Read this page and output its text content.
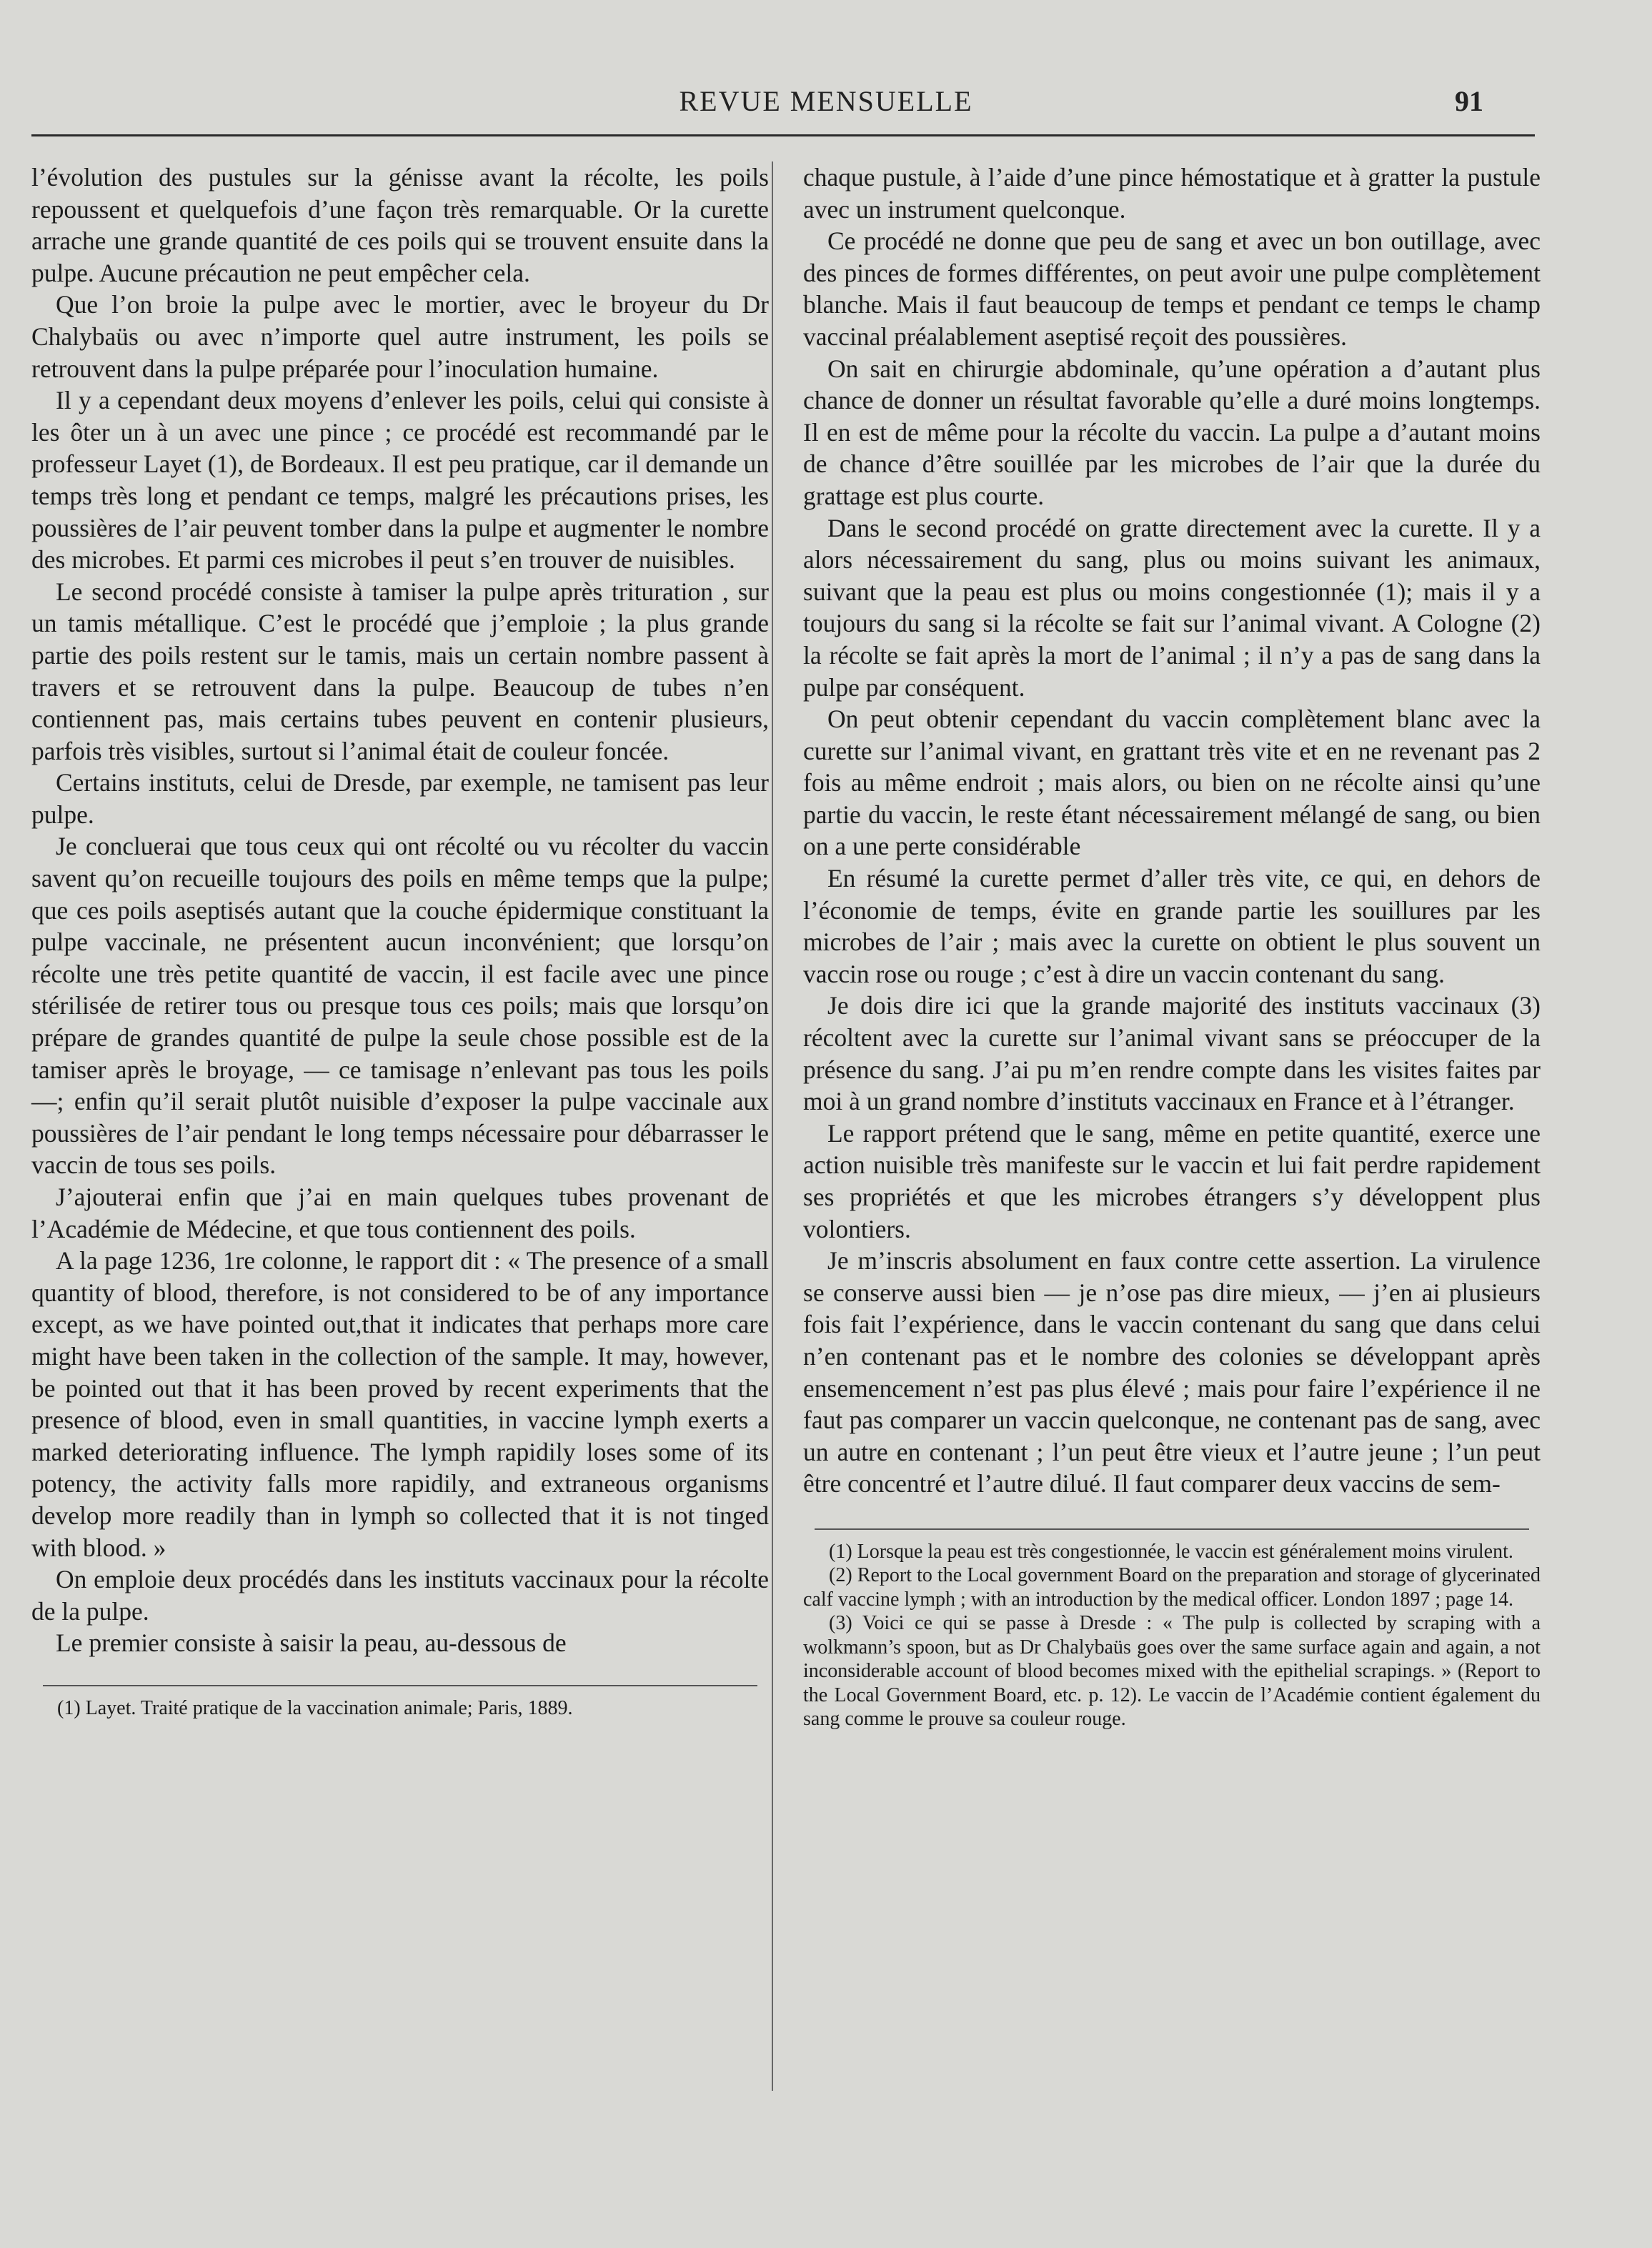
REVUE MENSUELLE	91

l’évolution des pustules sur la génisse avant la récolte, les poils repoussent et quelquefois d’une façon très remarquable. Or la curette arrache une grande quantité de ces poils qui se trouvent ensuite dans la pulpe. Aucune précaution ne peut empêcher cela.

Que l’on broie la pulpe avec le mortier, avec le broyeur du Dr Chalybaüs ou avec n’importe quel autre instrument, les poils se retrouvent dans la pulpe préparée pour l’inoculation humaine.

Il y a cependant deux moyens d’enlever les poils, celui qui consiste à les ôter un à un avec une pince ; ce procédé est recommandé par le professeur Layet (1), de Bordeaux. Il est peu pratique, car il demande un temps très long et pendant ce temps, malgré les précautions prises, les poussières de l’air peuvent tomber dans la pulpe et augmenter le nombre des microbes. Et parmi ces microbes il peut s’en trouver de nuisibles.

Le second procédé consiste à tamiser la pulpe après trituration , sur un tamis métallique. C’est le procédé que j’emploie ; la plus grande partie des poils restent sur le tamis, mais un certain nombre passent à travers et se retrouvent dans la pulpe. Beaucoup de tubes n’en contiennent pas, mais certains tubes peuvent en contenir plusieurs, parfois très visibles, surtout si l’animal était de couleur foncée.

Certains instituts, celui de Dresde, par exemple, ne tamisent pas leur pulpe.

Je concluerai que tous ceux qui ont récolté ou vu récolter du vaccin savent qu’on recueille toujours des poils en même temps que la pulpe; que ces poils aseptisés autant que la couche épidermique constituant la pulpe vaccinale, ne présentent aucun inconvénient; que lorsqu’on récolte une très petite quantité de vaccin, il est facile avec une pince stérilisée de retirer tous ou presque tous ces poils; mais que lorsqu’on prépare de grandes quantité de pulpe la seule chose possible est de la tamiser après le broyage, — ce tamisage n’enlevant pas tous les poils —; enfin qu’il serait plutôt nuisible d’exposer la pulpe vaccinale aux poussières de l’air pendant le long temps nécessaire pour débarrasser le vaccin de tous ses poils.

J’ajouterai enfin que j’ai en main quelques tubes provenant de l’Académie de Médecine, et que tous contiennent des poils.

A la page 1236, 1re colonne, le rapport dit : « The presence of a small quantity of blood, therefore, is not considered to be of any importance except, as we have pointed out,that it indicates that perhaps more care might have been taken in the collection of the sample. It may, however, be pointed out that it has been proved by recent experiments that the presence of blood, even in small quantities, in vaccine lymph exerts a marked deteriorating influence. The lymph rapidily loses some of its potency, the activity falls more rapidily, and extraneous organisms develop more readily than in lymph so collected that it is not tinged with blood. »

On emploie deux procédés dans les instituts vaccinaux pour la récolte de la pulpe.

Le premier consiste à saisir la peau, au-dessous de

(1) Layet. Traité pratique de la vaccination animale; Paris, 1889.

chaque pustule, à l’aide d’une pince hémostatique et à gratter la pustule avec un instrument quelconque.

Ce procédé ne donne que peu de sang et avec un bon outillage, avec des pinces de formes différentes, on peut avoir une pulpe complètement blanche. Mais il faut beaucoup de temps et pendant ce temps le champ vaccinal préalablement aseptisé reçoit des poussières.

On sait en chirurgie abdominale, qu’une opération a d’autant plus chance de donner un résultat favorable qu’elle a duré moins longtemps. Il en est de même pour la récolte du vaccin. La pulpe a d’autant moins de chance d’être souillée par les microbes de l’air que la durée du grattage est plus courte.

Dans le second procédé on gratte directement avec la curette. Il y a alors nécessairement du sang, plus ou moins suivant les animaux, suivant que la peau est plus ou moins congestionnée (1); mais il y a toujours du sang si la récolte se fait sur l’animal vivant. A Cologne (2) la récolte se fait après la mort de l’animal ; il n’y a pas de sang dans la pulpe par conséquent.

On peut obtenir cependant du vaccin complètement blanc avec la curette sur l’animal vivant, en grattant très vite et en ne revenant pas 2 fois au même endroit ; mais alors, ou bien on ne récolte ainsi qu’une partie du vaccin, le reste étant nécessairement mélangé de sang, ou bien on a une perte considérable

En résumé la curette permet d’aller très vite, ce qui, en dehors de l’économie de temps, évite en grande partie les souillures par les microbes de l’air ; mais avec la curette on obtient le plus souvent un vaccin rose ou rouge ; c’est à dire un vaccin contenant du sang.

Je dois dire ici que la grande majorité des instituts vaccinaux (3) récoltent avec la curette sur l’animal vivant sans se préoccuper de la présence du sang. J’ai pu m’en rendre compte dans les visites faites par moi à un grand nombre d’instituts vaccinaux en France et à l’étranger.

Le rapport prétend que le sang, même en petite quantité, exerce une action nuisible très manifeste sur le vaccin et lui fait perdre rapidement ses propriétés et que les microbes étrangers s’y développent plus volontiers.

Je m’inscris absolument en faux contre cette assertion. La virulence se conserve aussi bien — je n’ose pas dire mieux, — j’en ai plusieurs fois fait l’expérience, dans le vaccin contenant du sang que dans celui n’en contenant pas et le nombre des colonies se développant après ensemencement n’est pas plus élevé ; mais pour faire l’expérience il ne faut pas comparer un vaccin quelconque, ne contenant pas de sang, avec un autre en contenant ; l’un peut être vieux et l’autre jeune ; l’un peut être concentré et l’autre dilué. Il faut comparer deux vaccins de sem-

(1) Lorsque la peau est très congestionnée, le vaccin est généralement moins virulent.

(2) Report to the Local government Board on the preparation and storage of glycerinated calf vaccine lymph ; with an introduction by the medical officer. London 1897 ; page 14.

(3) Voici ce qui se passe à Dresde : « The pulp is collected by scraping with a wolkmann’s spoon, but as Dr Chalybaüs goes over the same surface again and again, a not inconsiderable account of blood becomes mixed with the epithelial scrapings. » (Report to the Local Government Board, etc. p. 12). Le vaccin de l’Académie contient également du sang comme le prouve sa couleur rouge.
